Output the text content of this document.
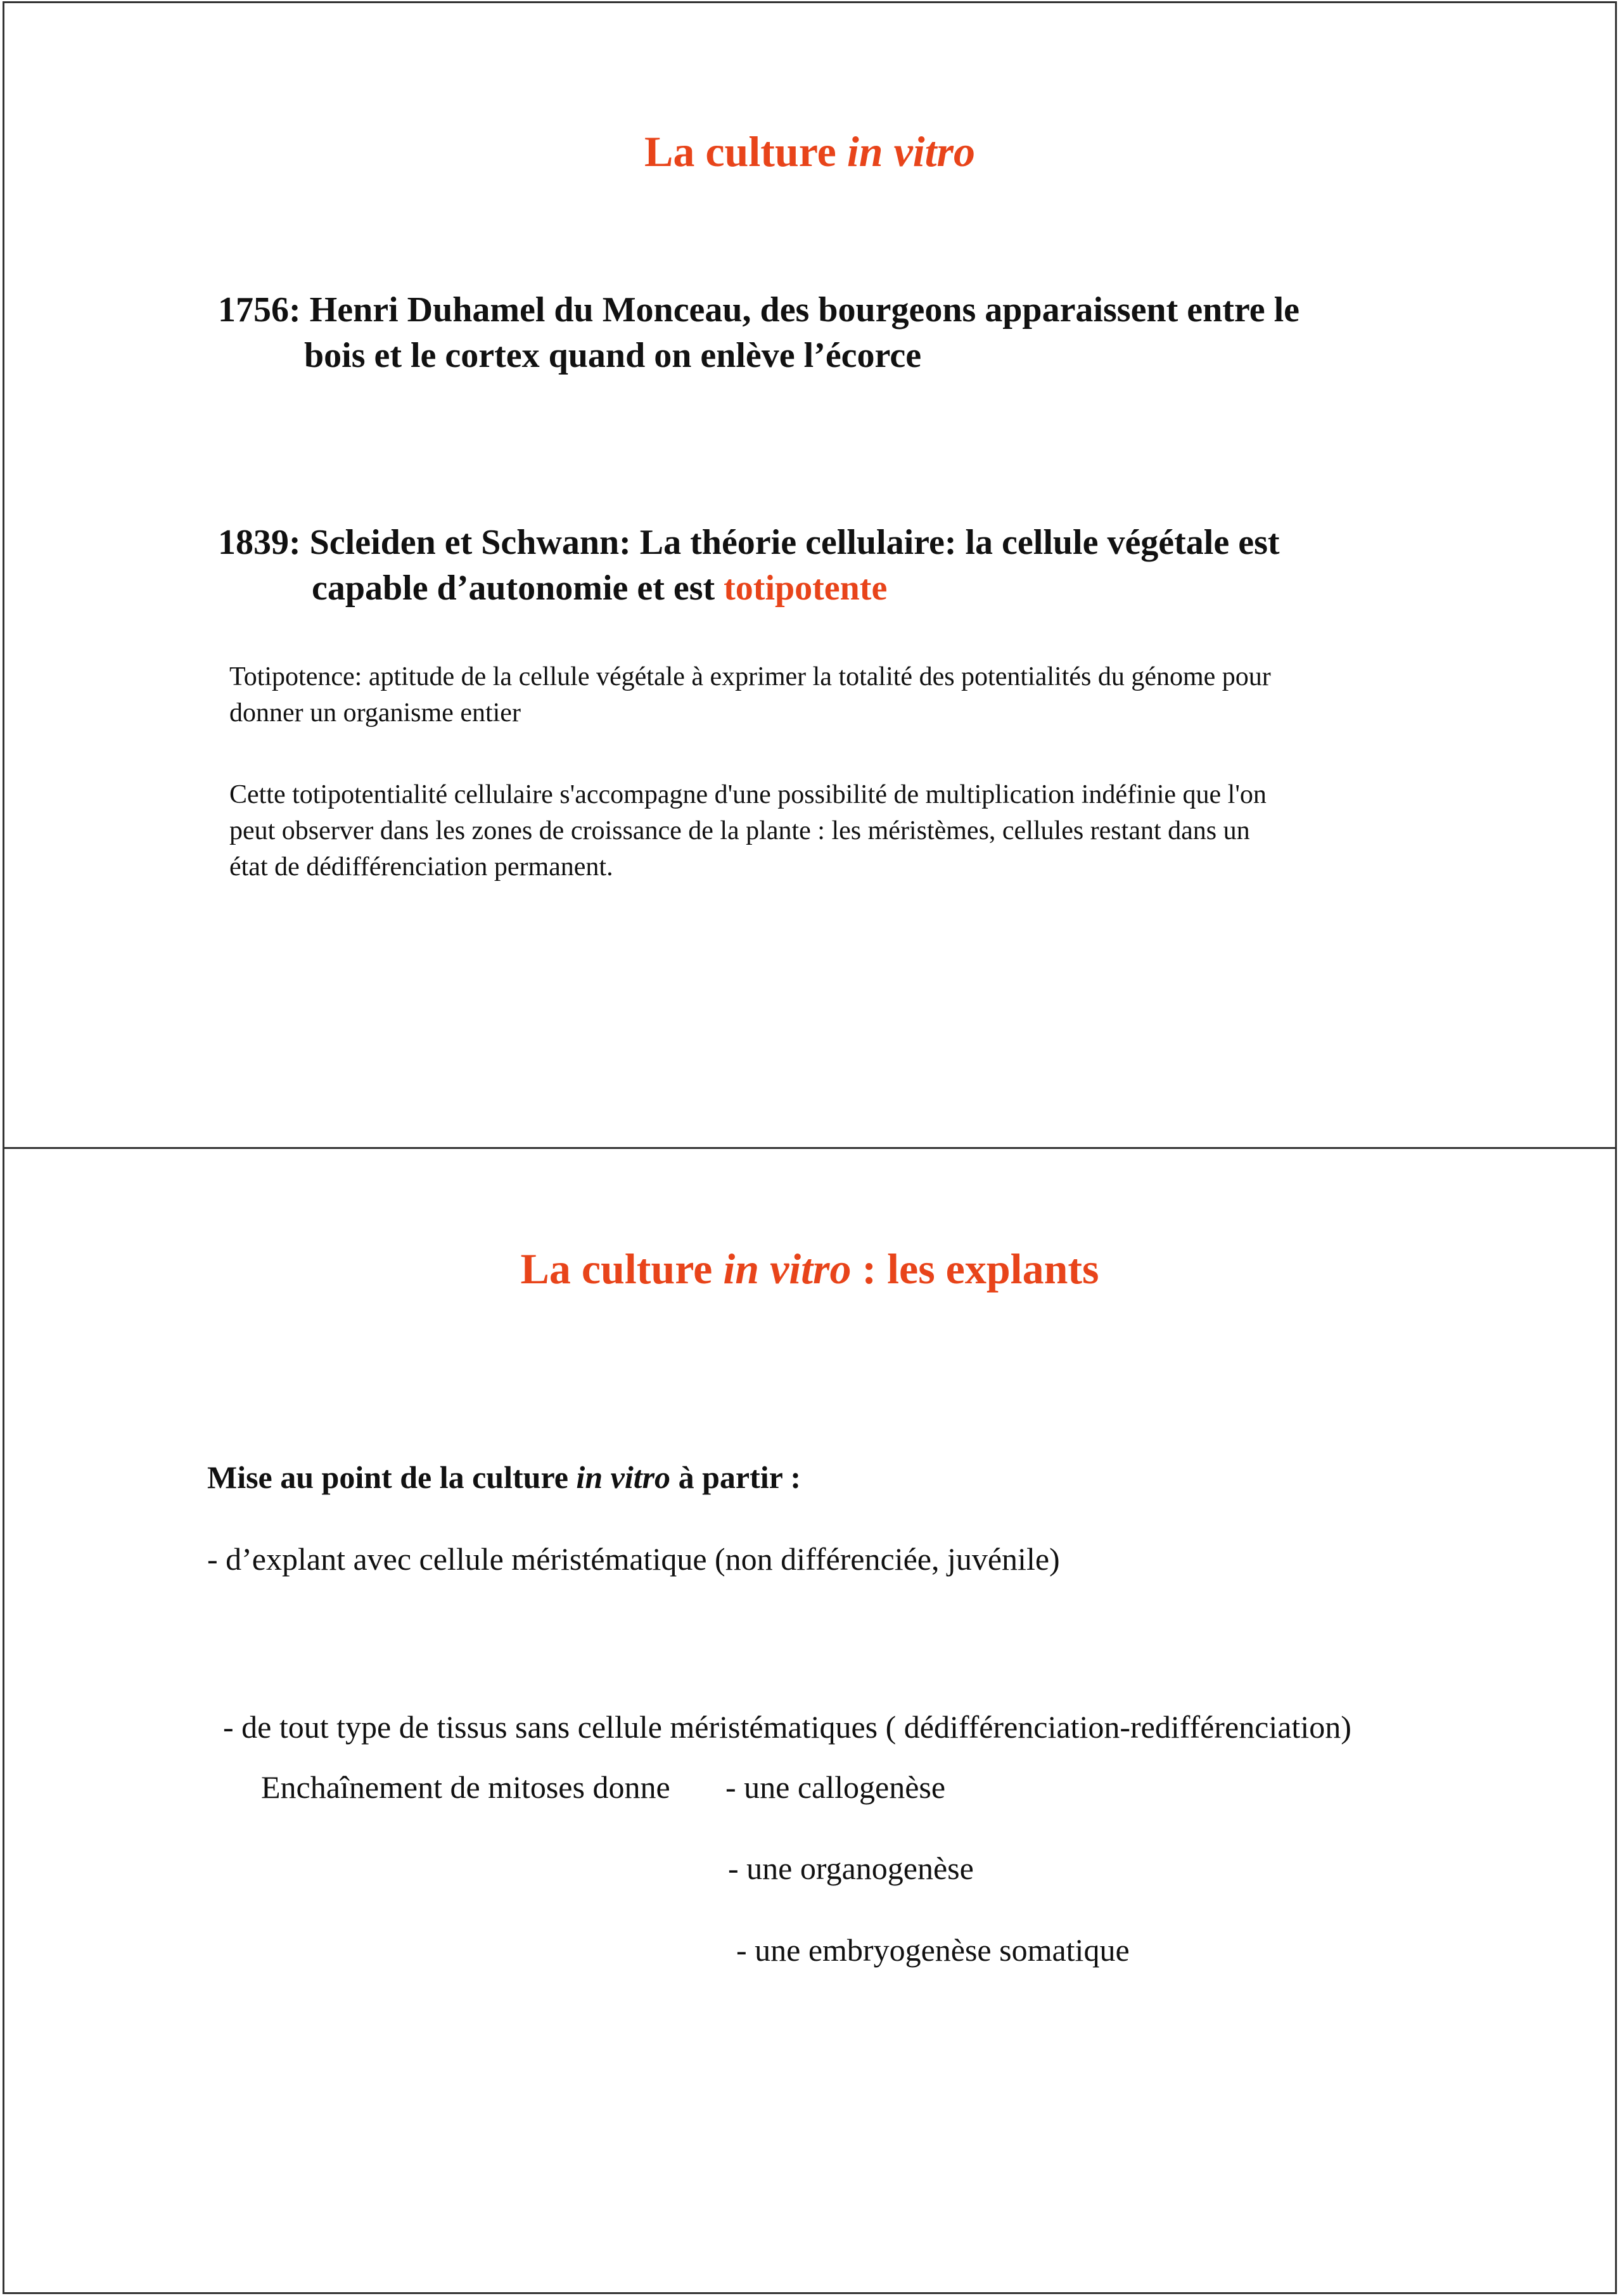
La culture in vitro
1756: Henri Duhamel du Monceau, des bourgeons apparaissent entre le
bois et le cortex quand on enlève l’écorce
1839: Scleiden et Schwann: La théorie cellulaire: la cellule végétale est
capable d’autonomie et est totipotente
Totipotence: aptitude de la cellule végétale à exprimer la totalité des potentialités du génome pour
donner un organisme entier
Cette totipotentialité cellulaire s'accompagne d'une possibilité de multiplication indéfinie que l'on
peut observer dans les zones de croissance de la plante : les méristèmes, cellules restant dans un
état de dédifférenciation permanent.
La culture in vitro : les explants
Mise au point de la culture in vitro à partir :
- d’explant avec cellule méristématique (non différenciée, juvénile)
- de tout type de tissus sans cellule méristématiques ( dédifférenciation-redifférenciation)
Enchaînement de mitoses donne - une callogenèse
- une organogenèse
- une embryogenèse somatique
